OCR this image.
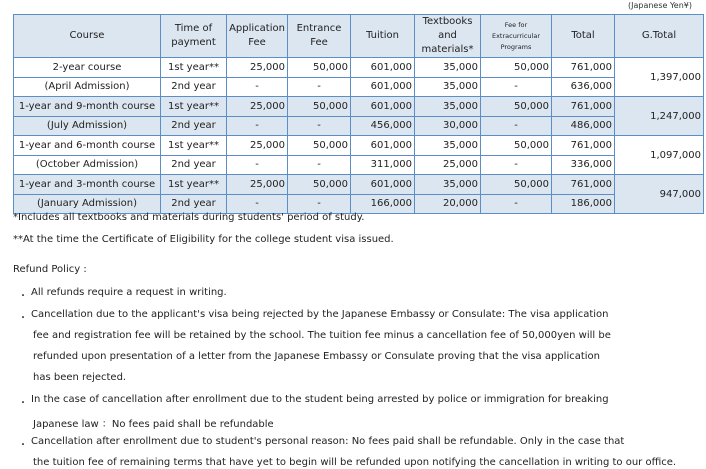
(Japanese Yen¥)
Course	Time of payment	Application Fee	Entrance Fee	Tuition	Textbooks and materials*	Fee for Extracurricular Programs	Total	G.Total
2-year course	1st year**	25,000	50,000	601,000	35,000	50,000	761,000	1,397,000
(April Admission)	2nd year	-	-	601,000	35,000	-	636,000	
1-year and 9-month course	1st year**	25,000	50,000	601,000	35,000	50,000	761,000	1,247,000
(July Admission)	2nd year	-	-	456,000	30,000	-	486,000	
1-year and 6-month course	1st year**	25,000	50,000	601,000	35,000	50,000	761,000	1,097,000
(October Admission)	2nd year	-	-	311,000	25,000	-	336,000	
1-year and 3-month course	1st year**	25,000	50,000	601,000	35,000	50,000	761,000	947,000
(January Admission)	2nd year	-	-	166,000	20,000	-	186,000	
*Includes all textbooks and materials during students' period of study.
**At the time the Certificate of Eligibility for the college student visa issued.
Refund Policy :
・ All refunds require a request in writing.
・ Cancellation due to the applicant's visa being rejected by the Japanese Embassy or Consulate: The visa application
fee and registration fee will be retained by the school. The tuition fee minus a cancellation fee of 50,000yen will be
refunded upon presentation of a letter from the Japanese Embassy or Consulate proving that the visa application
has been rejected.
・ In the case of cancellation after enrollment due to the student being arrested by police or immigration for breaking
Japanese law ：No fees paid shall be refundable
・ Cancellation after enrollment due to student's personal reason: No fees paid shall be refundable. Only in the case that
the tuition fee of remaining terms that have yet to begin will be refunded upon notifying the cancellation in writing to our office.
